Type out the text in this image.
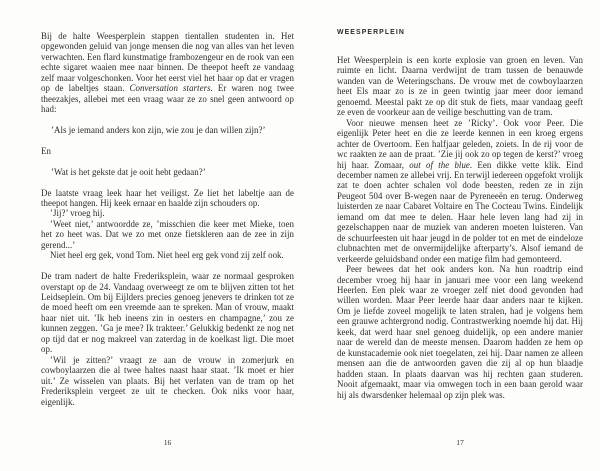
Bij de halte Weesperplein stappen tientallen studenten in. Het opgewonden geluid van jonge mensen die nog van alles van het leven verwachten. Een flard kunstmatige frambozengeur en de rook van een echte sigaret waaien mee naar binnen. De theepot heeft ze vandaag zelf maar volgeschonken. Voor het eerst viel het haar op dat er vragen op de labeltjes staan. Conversation starters. Er waren nog twee theezakjes, allebei met een vraag waar ze zo snel geen antwoord op had:

’Als je iemand anders kon zijn, wie zou je dan willen zijn?’

En

’Wat is het gekste dat je ooit hebt gedaan?’

De laatste vraag leek haar het veiligst. Ze liet het labeltje aan de theepot hangen. Hij keek ernaar en haalde zijn schouders op.

’Jij?’ vroeg hij.

’Weet niet,’ antwoordde ze, ’misschien die keer met Mieke, toen het zo heet was. Dat we zo met onze fietskleren aan de zee in zijn gerend...’

Niet heel erg gek, vond Tom. Niet heel erg gek vond zij zelf ook.

De tram nadert de halte Frederiksplein, waar ze normaal gesproken overstapt op de 24. Vandaag overweegt ze om te blijven zitten tot het Leidseplein. Om bij Eijlders precies genoeg jenevers te drinken tot ze de moed heeft om een vreemde aan te spreken. Man of vrouw, maakt haar niet uit. ’Ik heb ineens zin in oesters en champagne,’ zou ze kunnen zeggen. ’Ga je mee? Ik trakteer.’ Gelukkig bedenkt ze nog net op tijd dat er nog makreel van zaterdag in de koelkast ligt. Die moet op.

’Wil je zitten?’ vraagt ze aan de vrouw in zomerjurk en cowboylaarzen die al twee haltes naast haar staat. ’Ik moet er hier uit.’ Ze wisselen van plaats. Bij het verlaten van de tram op het Frederiksplein vergeet ze uit te checken. Ook niks voor haar, eigenlijk.

WEESPERPLEIN

Het Weesperplein is een korte explosie van groen en leven. Van ruimte en licht. Daarna verdwijnt de tram tussen de benauwde wanden van de Weteringschans. De vrouw met de cowboylaarzen heet Els maar zo is ze in geen twintig jaar meer door iemand genoemd. Meestal pakt ze op dit stuk de fiets, maar vandaag geeft ze even de voorkeur aan de veilige beschutting van de tram.

Voor nieuwe mensen heet ze ’Ricky’. Ook voor Peer. Die eigenlijk Peter heet en die ze leerde kennen in een kroeg ergens achter de Overtoom. Een halfjaar geleden, zoiets. In de rij voor de wc raakten ze aan de praat. ’Zie jij ook zo op tegen de kerst?’ vroeg hij haar. Zomaar, out of the blue. Een dikke vette klik. Eind december namen ze allebei vrij. En terwijl iedereen opgefokt vrolijk zat te doen achter schalen vol dode beesten, reden ze in zijn Peugeot 504 over B-wegen naar de Pyreneeën en terug. Onderweg luisterden ze naar Cabaret Voltaire en The Cocteau Twins. Eindelijk iemand om dat mee te delen. Haar hele leven lang had zij in gezelschappen naar de muziek van anderen moeten luisteren. Van de schuurfeesten uit haar jeugd in de polder tot en met de eindeloze clubnachten met de onvermijdelijke afterparty’s. Alsof iemand de verkeerde geluidsband onder een matige film had gemonteerd.

Peer bewees dat het ook anders kon. Na hun roadtrip eind december vroeg hij haar in januari mee voor een lang weekend Heerlen. Een plek waar ze vroeger zelf niet dood gevonden had willen worden. Maar Peer leerde haar daar anders naar te kijken. Om je liefde zoveel mogelijk te laten stralen, had je volgens hem een grauwe achtergrond nodig. Contrastwerking noemde hij dat. Hij keek, dat werd haar snel genoeg duidelijk, op een andere manier naar de wereld dan de meeste mensen. Daarom hadden ze hem op de kunstacademie ook niet toegelaten, zei hij. Daar namen ze alleen mensen aan die de antwoorden gaven die zij al op hun blaadje hadden staan. In plaats daarvan was hij rechten gaan studeren. Nooit afgemaakt, maar via omwegen toch in een baan gerold waar hij als dwarsdenker helemaal op zijn plek was.

16	17
